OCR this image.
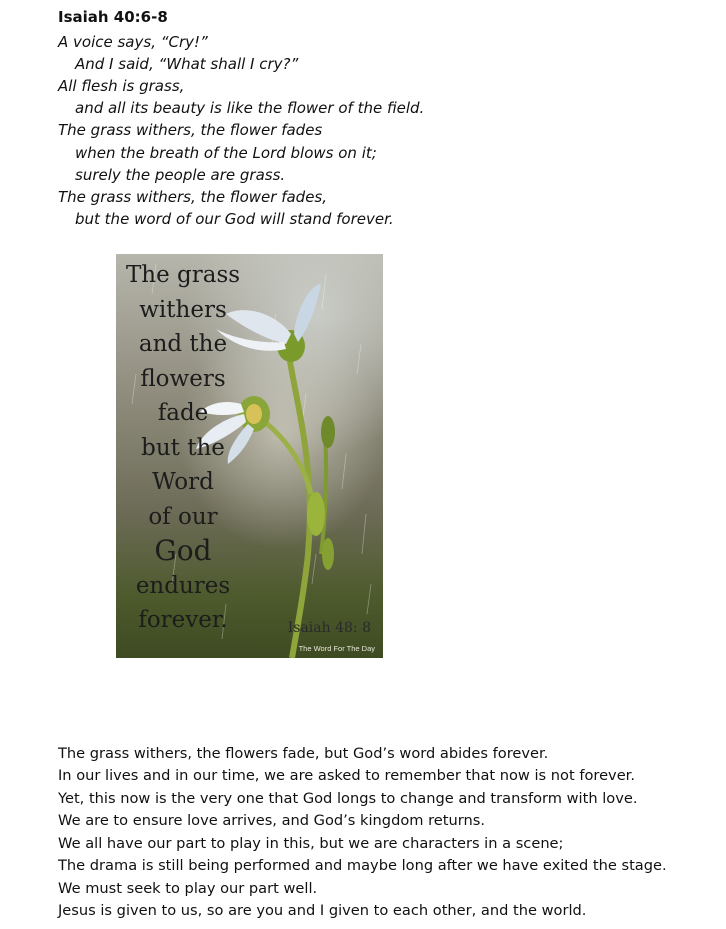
Isaiah 40:6-8
A voice says, “Cry!”
And I said, “What shall I cry?”
All flesh is grass,
and all its beauty is like the flower of the field.
The grass withers, the flower fades
when the breath of the Lord blows on it;
surely the people are grass.
The grass withers, the flower fades,
but the word of our God will stand forever.
The grass
withers
and the
flowers
fade
but the
Word
of our
God
endures
forever.	Isaiah 48: 8
The Word For The Day
The grass withers, the flowers fade, but God’s word abides forever.
In our lives and in our time, we are asked to remember that now is not forever.
Yet, this now is the very one that God longs to change and transform with love.
We are to ensure love arrives, and God’s kingdom returns.
We all have our part to play in this, but we are characters in a scene;
The drama is still being performed and maybe long after we have exited the stage.
We must seek to play our part well.
Jesus is given to us, so are you and I given to each other, and the world.
